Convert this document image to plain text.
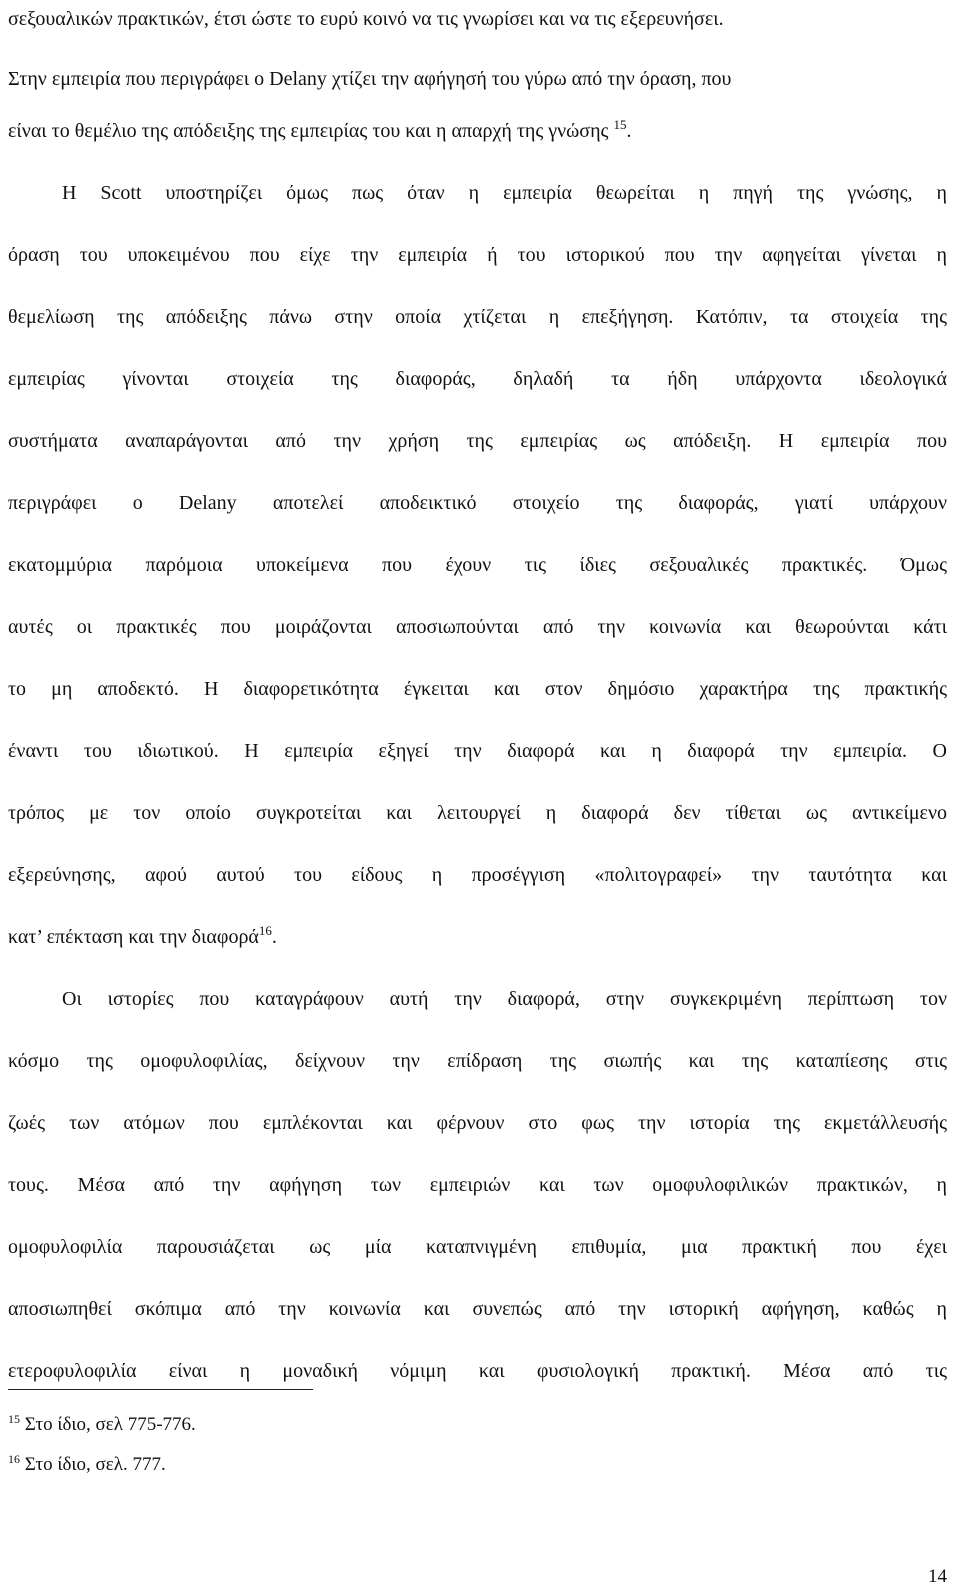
σεξουαλικών πρακτικών, έτσι ώστε το ευρύ κοινό να τις γνωρίσει και να τις εξερευνήσει.
Στην εμπειρία που περιγράφει ο Delany χτίζει την αφήγησή του γύρω από την όραση, που
είναι το θεμέλιο της απόδειξης της εμπειρίας του και η απαρχή της γνώσης $^{15}$.
Η Scott υποστηρίζει όμως πως όταν η εμπειρία θεωρείται η πηγή της γνώσης, η
όραση του υποκειμένου που είχε την εμπειρία ή του ιστορικού που την αφηγείται γίνεται η
θεμελίωση της απόδειξης πάνω στην οποία χτίζεται η επεξήγηση. Κατόπιν, τα στοιχεία της
εμπειρίας γίνονται στοιχεία της διαφοράς, δηλαδή τα ήδη υπάρχοντα ιδεολογικά
συστήματα αναπαράγονται από την χρήση της εμπειρίας ως απόδειξη. Η εμπειρία που
περιγράφει ο Delany αποτελεί αποδεικτικό στοιχείο της διαφοράς, γιατί υπάρχουν
εκατομμύρια παρόμοια υποκείμενα που έχουν τις ίδιες σεξουαλικές πρακτικές. Όμως
αυτές οι πρακτικές που μοιράζονται αποσιωπούνται από την κοινωνία και θεωρούνται κάτι
το μη αποδεκτό. Η διαφορετικότητα έγκειται και στον δημόσιο χαρακτήρα της πρακτικής
έναντι του ιδιωτικού. Η εμπειρία εξηγεί την διαφορά και η διαφορά την εμπειρία. Ο
τρόπος με τον οποίο συγκροτείται και λειτουργεί η διαφορά δεν τίθεται ως αντικείμενο
εξερεύνησης, αφού αυτού του είδους η προσέγγιση «πολιτογραφεί» την ταυτότητα και
κατ’ επέκταση και την διαφορά$^{16}$.
Οι ιστορίες που καταγράφουν αυτή την διαφορά, στην συγκεκριμένη περίπτωση τον
κόσμο της ομοφυλοφιλίας, δείχνουν την επίδραση της σιωπής και της καταπίεσης στις
ζωές των ατόμων που εμπλέκονται και φέρνουν στο φως την ιστορία της εκμετάλλευσής
τους. Μέσα από την αφήγηση των εμπειριών και των ομοφυλοφιλικών πρακτικών, η
ομοφυλοφιλία παρουσιάζεται ως μία καταπνιγμένη επιθυμία, μια πρακτική που έχει
αποσιωπηθεί σκόπιμα από την κοινωνία και συνεπώς από την ιστορική αφήγηση, καθώς η
ετεροφυλοφιλία είναι η μοναδική νόμιμη και φυσιολογική πρακτική. Μέσα από τις
$^{15}$ Στο ίδιο, σελ 775-776.
$^{16}$ Στο ίδιο, σελ. 777.
14
